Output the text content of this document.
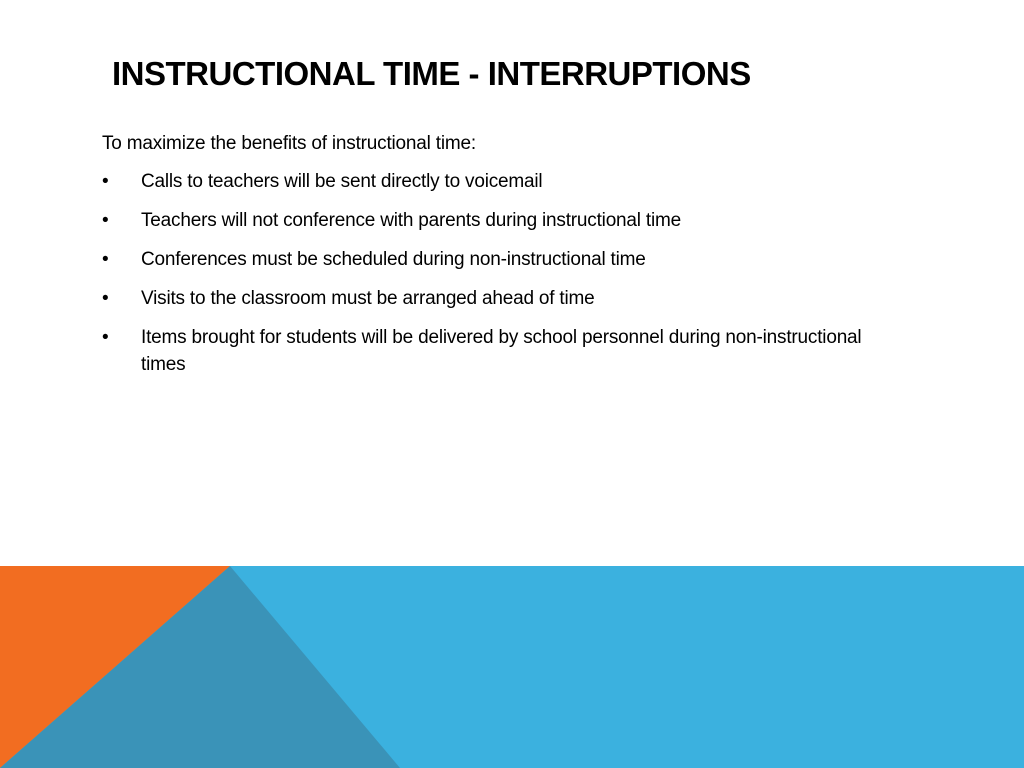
INSTRUCTIONAL TIME - INTERRUPTIONS

To maximize the benefits of instructional time:

•	Calls to teachers will be sent directly to voicemail
•	Teachers will not conference with parents during instructional time
•	Conferences must be scheduled during non-instructional time
•	Visits to the classroom must be arranged ahead of time
•	Items brought for students will be delivered by school personnel during non-instructional times
